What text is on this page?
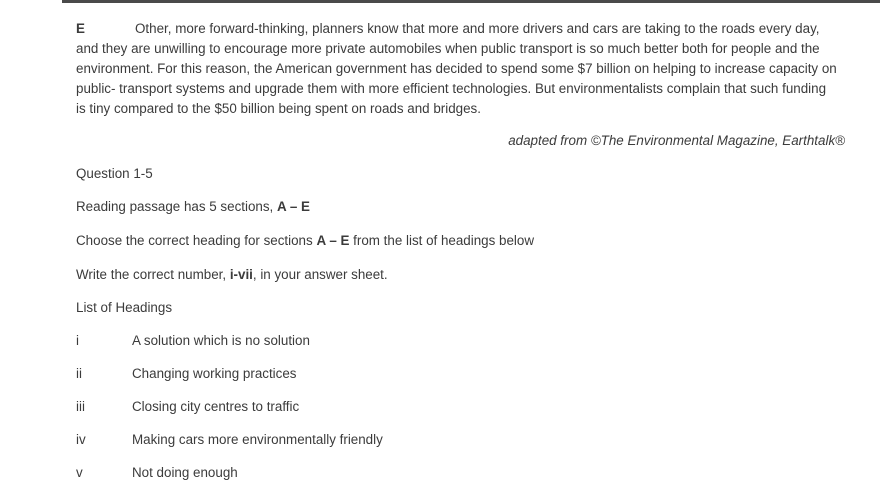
E	Other, more forward-thinking, planners know that more and more drivers and cars are taking to the roads every day, and they are unwilling to encourage more private automobiles when public transport is so much better both for people and the environment. For this reason, the American government has decided to spend some $7 billion on helping to increase capacity on public- transport systems and upgrade them with more efficient technologies. But environmentalists complain that such funding is tiny compared to the $50 billion being spent on roads and bridges.

adapted from ©The Environmental Magazine, Earthtalk®

Question 1-5

Reading passage has 5 sections, A – E

Choose the correct heading for sections A – E from the list of headings below

Write the correct number, i-vii, in your answer sheet.

List of Headings

i	A solution which is no solution

ii	Changing working practices

iii	Closing city centres to traffic

iv	Making cars more environmentally friendly

v	Not doing enough
